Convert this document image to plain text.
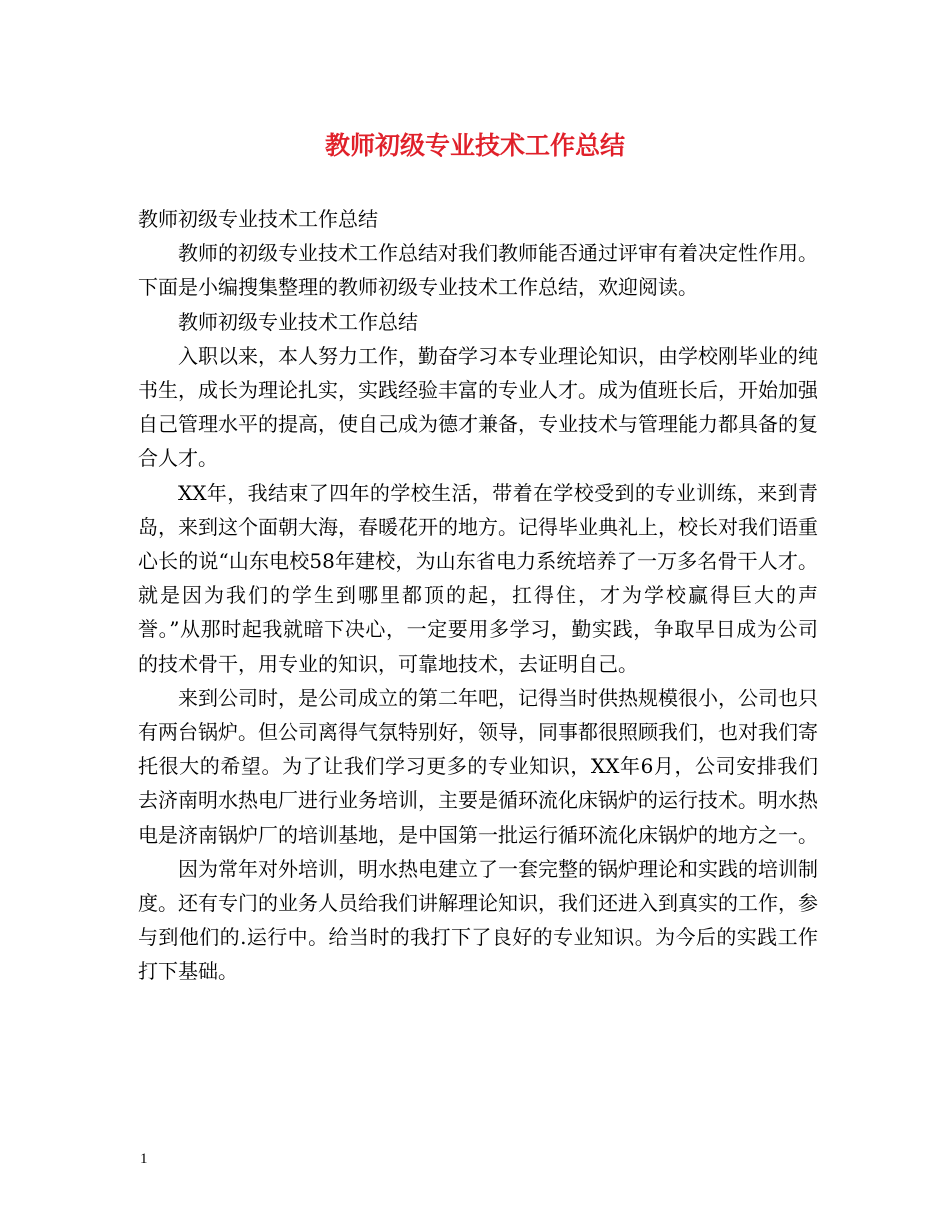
教师初级专业技术工作总结

教师初级专业技术工作总结

教师的初级专业技术工作总结对我们教师能否通过评审有着决定性作用。下面是小编搜集整理的教师初级专业技术工作总结，欢迎阅读。

教师初级专业技术工作总结

入职以来，本人努力工作，勤奋学习本专业理论知识，由学校刚毕业的纯书生，成长为理论扎实，实践经验丰富的专业人才。成为值班长后，开始加强自己管理水平的提高，使自己成为德才兼备，专业技术与管理能力都具备的复合人才。

XX年，我结束了四年的学校生活，带着在学校受到的专业训练，来到青岛，来到这个面朝大海，春暖花开的地方。记得毕业典礼上，校长对我们语重心长的说“山东电校58年建校，为山东省电力系统培养了一万多名骨干人才。就是因为我们的学生到哪里都顶的起，扛得住，才为学校赢得巨大的声誉。”从那时起我就暗下决心，一定要用多学习，勤实践，争取早日成为公司的技术骨干，用专业的知识，可靠地技术，去证明自己。

来到公司时，是公司成立的第二年吧，记得当时供热规模很小，公司也只有两台锅炉。但公司离得气氛特别好，领导，同事都很照顾我们，也对我们寄托很大的希望。为了让我们学习更多的专业知识，XX年6月，公司安排我们去济南明水热电厂进行业务培训，主要是循环流化床锅炉的运行技术。明水热电是济南锅炉厂的培训基地，是中国第一批运行循环流化床锅炉的地方之一。

因为常年对外培训，明水热电建立了一套完整的锅炉理论和实践的培训制度。还有专门的业务人员给我们讲解理论知识，我们还进入到真实的工作，参与到他们的.运行中。给当时的我打下了良好的专业知识。为今后的实践工作打下基础。

1
